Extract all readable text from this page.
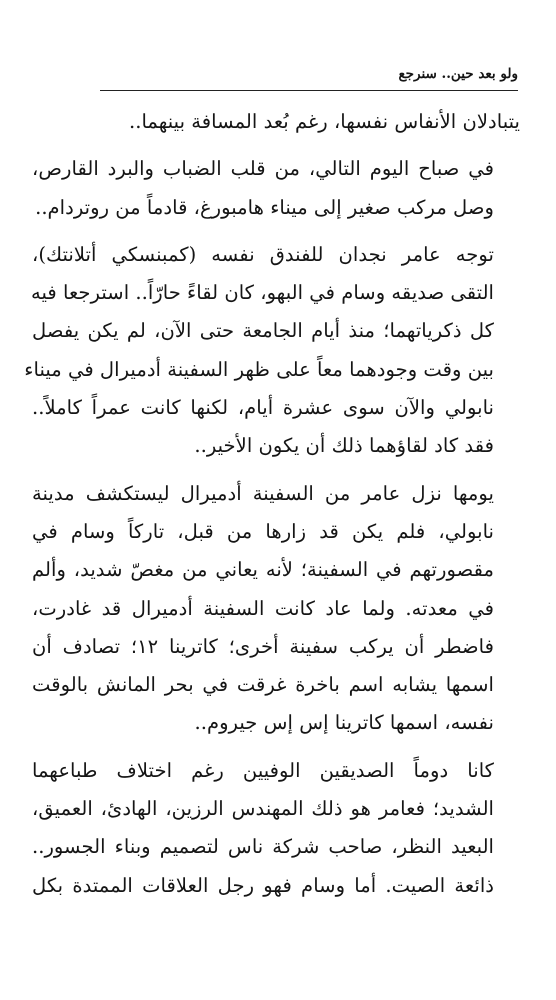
ولو بعد حين.. سنرجع

يتبادلان الأنفاس نفسها، رغم بُعد المسافة بينهما..

في صباح اليوم التالي، من قلب الضباب والبرد القارص،
وصل مركب صغير إلى ميناء هامبورغ، قادماً من روتردام..

توجه عامر نجدان للفندق نفسه (كمبنسكي أتلانتك)،
التقى صديقه وسام في البهو، كان لقاءً حارّاً.. استرجعا فيه
كل ذكرياتهما؛ منذ أيام الجامعة حتى الآن، لم يكن يفصل
بين وقت وجودهما معاً على ظهر السفينة أدميرال في ميناء
نابولي والآن سوى عشرة أيام، لكنها كانت عمراً كاملاً..
فقد كاد لقاؤهما ذلك أن يكون الأخير..

يومها نزل عامر من السفينة أدميرال ليستكشف مدينة
نابولي، فلم يكن قد زارها من قبل، تاركاً وسام في
مقصورتهم في السفينة؛ لأنه يعاني من مغصّ شديد، وألم
في معدته. ولما عاد كانت السفينة أدميرال قد غادرت،
فاضطر أن يركب سفينة أخرى؛ كاترينا ١٢؛ تصادف أن
اسمها يشابه اسم باخرة غرقت في بحر المانش بالوقت
نفسه، اسمها كاترينا إس إس جيروم..

كانا دوماً الصديقين الوفيين رغم اختلاف طباعهما
الشديد؛ فعامر هو ذلك المهندس الرزين، الهادئ، العميق،
البعيد النظر، صاحب شركة ناس لتصميم وبناء الجسور..
ذائعة الصيت. أما وسام فهو رجل العلاقات الممتدة بكل
